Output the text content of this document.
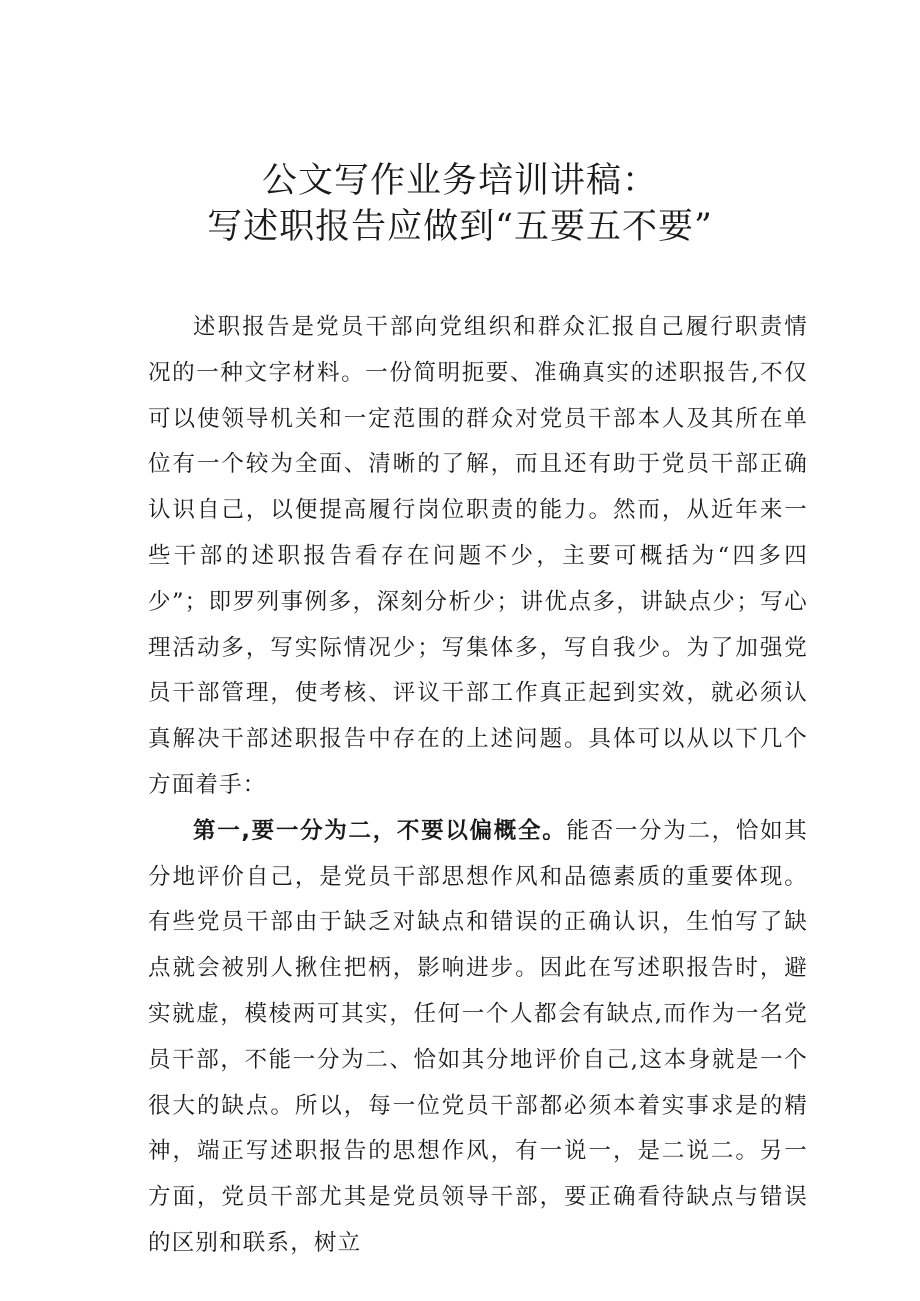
公文写作业务培训讲稿：
写述职报告应做到“五要五不要”

述职报告是党员干部向党组织和群众汇报自己履行职责情况的一种文字材料。一份简明扼要、准确真实的述职报告,不仅可以使领导机关和一定范围的群众对党员干部本人及其所在单位有一个较为全面、清晰的了解，而且还有助于党员干部正确认识自己，以便提高履行岗位职责的能力。然而，从近年来一些干部的述职报告看存在问题不少，主要可概括为“四多四少”；即罗列事例多，深刻分析少；讲优点多，讲缺点少；写心理活动多，写实际情况少；写集体多，写自我少。为了加强党员干部管理，使考核、评议干部工作真正起到实效，就必须认真解决干部述职报告中存在的上述问题。具体可以从以下几个方面着手：

第一,要一分为二，不要以偏概全。能否一分为二，恰如其分地评价自己，是党员干部思想作风和品德素质的重要体现。有些党员干部由于缺乏对缺点和错误的正确认识，生怕写了缺点就会被别人揪住把柄，影响进步。因此在写述职报告时，避实就虚，模棱两可其实，任何一个人都会有缺点,而作为一名党员干部，不能一分为二、恰如其分地评价自己,这本身就是一个很大的缺点。所以，每一位党员干部都必须本着实事求是的精神，端正写述职报告的思想作风，有一说一，是二说二。另一方面，党员干部尤其是党员领导干部，要正确看待缺点与错误的区别和联系，树立
